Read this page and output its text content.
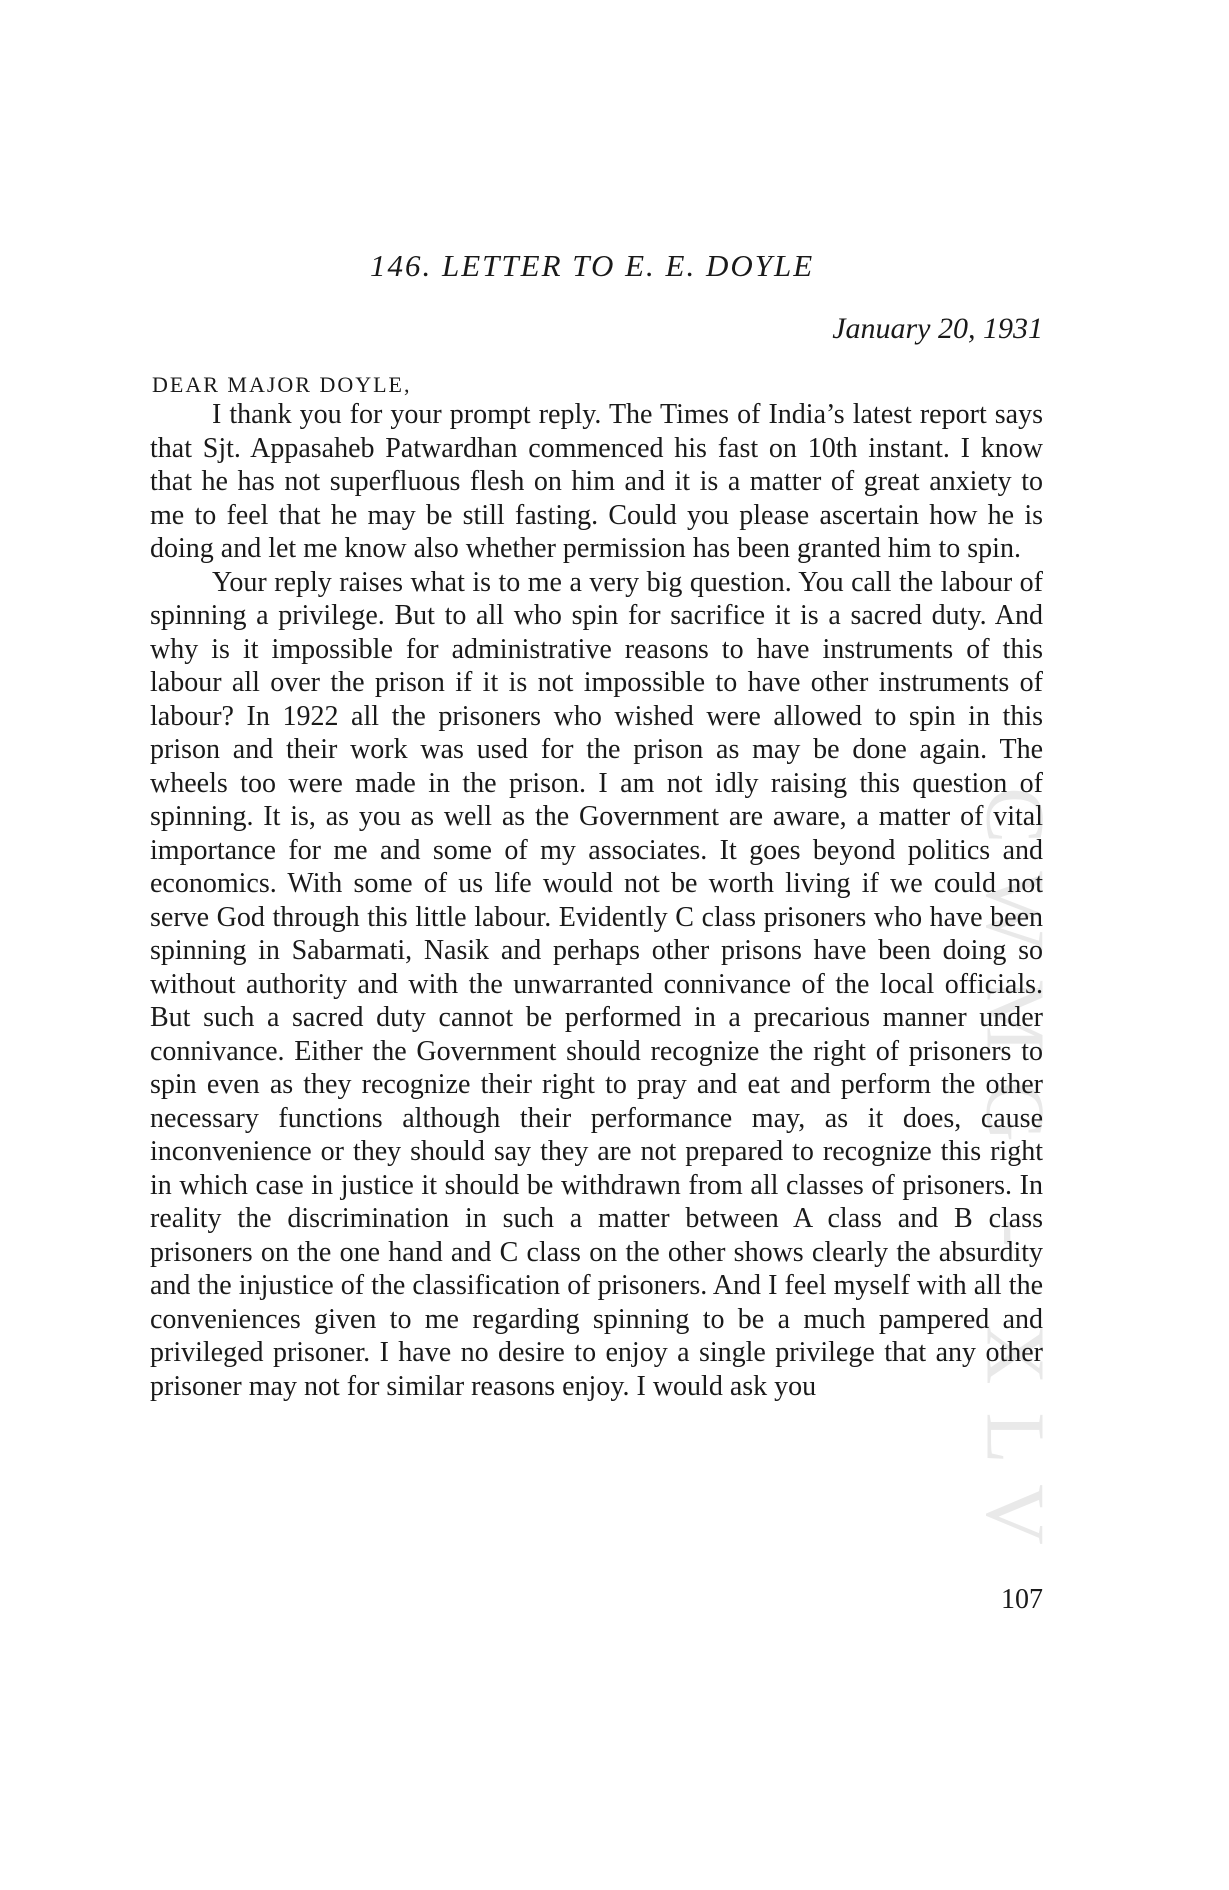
CWMG - XLV
146. LETTER TO E. E. DOYLE
January 20, 1931
DEAR MAJOR DOYLE,

I thank you for your prompt reply. The Times of India’s latest report says that Sjt. Appasaheb Patwardhan commenced his fast on 10th instant. I know that he has not superfluous flesh on him and it is a matter of great anxiety to me to feel that he may be still fasting. Could you please ascertain how he is doing and let me know also whether permission has been granted him to spin.

Your reply raises what is to me a very big question. You call the labour of spinning a privilege. But to all who spin for sacrifice it is a sacred duty. And why is it impossible for administrative reasons to have instruments of this labour all over the prison if it is not impossible to have other instruments of labour? In 1922 all the prisoners who wished were allowed to spin in this prison and their work was used for the prison as may be done again. The wheels too were made in the prison. I am not idly raising this question of spinning. It is, as you as well as the Government are aware, a matter of vital importance for me and some of my associates. It goes beyond politics and economics. With some of us life would not be worth living if we could not serve God through this little labour. Evidently C class prisoners who have been spinning in Sabarmati, Nasik and perhaps other prisons have been doing so without authority and with the unwarranted connivance of the local officials. But such a sacred duty cannot be performed in a precarious manner under connivance. Either the Government should recognize the right of prisoners to spin even as they recognize their right to pray and eat and perform the other necessary functions although their performance may, as it does, cause inconvenience or they should say they are not prepared to recognize this right in which case in justice it should be withdrawn from all classes of prisoners. In reality the discrimination in such a matter between A class and B class prisoners on the one hand and C class on the other shows clearly the absurdity and the injustice of the classification of prisoners. And I feel myself with all the conveniences given to me regarding spinning to be a much pampered and privileged prisoner. I have no desire to enjoy a single privilege that any other prisoner may not for similar reasons enjoy. I would ask you

107
